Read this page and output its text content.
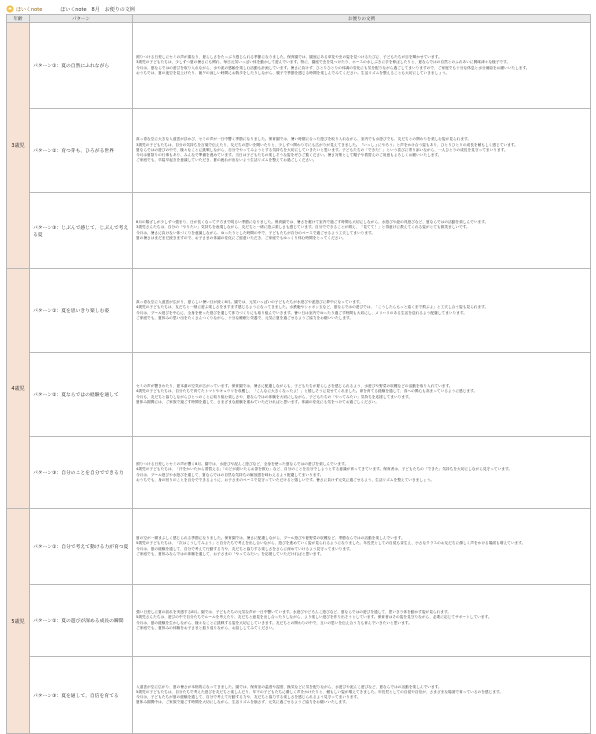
ほいくnote	ほいくnote　8月　お便りの文例
年齢	パターン	お便りの文例
3歳児	パターン①：夏の自然にふれながら	照りつける日差しにセミの声が重なり、夏らしさをたっぷり感じられる季節になりました。保育園では、園庭にある草花や虫の姿を見つけるたびに、子どもたちが目を輝かせています。
3歳児の子どもたちは、少しずつ夏の暑さにも慣れ、毎日元気いっぱい体を動かして遊んでいます。特に、園庭で虫を見つけたり、ホースの水しぶきに手を伸ばしたりと、夏ならではの自然とのふれあいに興味津々な様子です。
今月は、夏ならではの遊びを取り入れながら、水や泥の感触を楽しむ活動も計画しています。暑さに負けず、ひとりひとりの体調の変化にも気を配りながら過ごしてまいりますので、ご家庭でも十分な休息と水分補給をお願いいたします。
おうちでは、夏の夜空を見上げたり、朝夕の涼しい時間にお散歩をしたりしながら、親子で季節を感じる時間を楽しんでみてください。生活リズムを整えることも大切にしていきましょう。

	パターン②：育つ芽も、ひろがる世界	真っ青な空に大きな入道雲が浮かび、セミの声が一日中響く季節になりました。保育園では、暑い時期に合った遊びを取り入れながら、室内でも水遊びでも、友だちとの関わりを楽しむ姿が見られます。
3歳児の子どもたちは、自分の気持ちを言葉で伝えたり、友だちの思いを聞いたりと、少しずつ関わり方にも広がりが見えてきました。「いっしょにやろう」と声をかけ合う姿もあり、ひとりひとりの成長を頼もしく感じています。
夏ならではの遊びの中で、様々なことに挑戦しながら、自分でやってみようとする気持ちを大切にしていきたいと思います。子どもたちの「できた！」という喜びに寄り添いながら、一人ひとりの成長を見守ってまいります。
今月は夏祭りの行事もあり、みんなで準備を進めています。当日は子どもたちの楽しそうな姿をぜひご覧ください。暑さ対策として帽子や着替えのご用意もよろしくお願いいたします。
ご家庭でも、早寝早起きを意識していただき、夏の疲れが出ないよう生活リズムを整えてお過ごしください。

	パターン③：じぶんで感じて、じぶんで考える夏	8月の陽ざしが少しずつ強まり、日が長くなって夕方まで明るい季節になりました。保育園では、暑さを避けて室内で過ごす時間も大切にしながら、水遊びや絵の具遊びなど、夏ならではの活動を楽しんでいます。
3歳児さんたちは、自分の「やりたい」気持ちを表現しながら、友だちと一緒に遊ぶ楽しさも感じています。自分でできることが増え、「見てて！」と得意げに教えてくれる姿がとても微笑ましいです。
今月は、暑さに負けない体づくりを意識しながら、ゆったりとした時間の中で、子どもたちが自分のペースで過ごせるよう工夫してまいります。
夏の暑さはまだまだ続きますので、お子さまの体調の変化にご留意いただき、ご家庭でもゆっくり休む時間をとってください。

4歳児	パターン①：夏を思いきり楽しむ姿	真っ青な空に入道雲が広がり、夏らしい暑い日が続く8月。園では、元気いっぱいの子どもたちが水遊びや泥遊びに夢中になっています。
4歳児の子どもたちは、友だちと一緒に遊ぶ楽しさをますます感じるようになってきました。水鉄砲やシャボン玉など、夏ならではの遊びでは、「こうしたらもっと遠くまで飛ぶよ」と工夫し合う姿も見られます。
今月は、プール遊びを中心に、全身を使った遊びを通して体力づくりにも取り組んでいきます。暑い日は室内でゆったり過ごす時間も大切にし、メリハリのある生活を送れるよう配慮してまいります。
ご家庭でも、夏休みの思い出をたくさんつくりながら、十分な睡眠と栄養で、元気に夏を過ごせるようご協力をお願いいたします。

	パターン②：夏ならではの経験を通して	セミの声が響きわたり、夏本番の空気が広がっています。保育園では、暑さに配慮しながらも、子どもたちが夏らしさを感じられるよう、水遊びや野菜の収穫などの活動を取り入れています。
4歳児の子どもたちは、自分たちで育てたトマトやキュウリを収穫し、「こんなに大きくなったよ！」と嬉しそうに見せてくれました。命を育てる経験を通して、食への関心も高まっているように感じます。
今月も、友だちと協力しながらひとつのことに取り組む楽しさや、夏ならではの体験を大切にしながら、子どもたちの「やってみたい」気持ちを応援してまいります。
夏休み期間には、ご家族で過ごす時間を通して、さまざまな経験を重ねていただければと思います。体調の変化にも気をつけてお過ごしください。

	パターン③：自分のことを自分でできる力	照りつける日差しとセミの声が響く8月。園では、水遊びや泥んこ遊びなど、全身を使った夏ならではの遊びを楽しんでいます。
4歳児の子どもたちは、「汗をかいたから着替える」「のどが渇いたらお茶を飲む」など、自分のことを自分でしようとする意識が育ってきています。保育者は、子どもたちの「できた」気持ちを大切にしながら見守っています。
今月は、プール遊びや水遊びを通して、夏ならではの自然な気持ちの解放感を味わえるよう配慮してまいります。
おうちでも、身の回りのことを自分でできるように、お子さまのペースで見守っていただけると嬉しいです。暑さに負けず元気に過ごせるよう、生活リズムを整えていきましょう。

5歳児	パターン①：自分で考えて動ける力が育つ夏	夏の空が一層まぶしく感じられる季節になりました。保育園では、暑さに配慮しながら、プール遊びや夏野菜の収穫など、季節ならではの活動を楽しんでいます。
5歳児の子どもたちは、「次はこうしてみよう」と自分たちで考えを出し合いながら、遊びを進めていく姿が見られるようになりました。年長児としての自覚も芽生え、小さなクラスのお友だちに優しく声をかける場面も増えています。
今月は、夏の経験を通して、自分で考えて行動する力や、友だちと協力する楽しさをさらに深めていけるよう見守ってまいります。
ご家庭でも、夏休みならではの体験を通して、お子さまの「やってみたい」を応援していただければと思います。

	パターン②：夏の遊びが深める成長の瞬間	強い日差しに夏の訪れを実感する8月。園では、子どもたちの元気な声が一日中響いています。水遊びやどろんこ遊びなど、夏ならではの遊びを通して、思いきり体を動かす姿が見られます。
5歳児さんたちは、遊びの中で自分たちでルールを考えたり、友だちと意見を出し合ったりしながら、より楽しい遊びを作り出そうとしています。保育者はその姿を見守りながら、必要に応じてサポートしています。
今月は、夏の経験を生かしながら、様々なことに挑戦する姿を大切にしていきます。友だちとの関わりの中で、互いの思いを伝え合う力も育んでいきたいと思います。
ご家庭でも、夏休みの体験をお子さまと振り返りながら、お話ししてみてください。

	パターン③：夏を通して、自信を育てる	入道雲が空に広がり、夏の暑さが本格的になってきました。園では、保育室の温度や湿度、換気などに気を配りながら、水遊びや泥んこ遊びなど、夏ならではの活動を楽しんでいます。
5歳児の子どもたちは、自分たちで考えた遊びを友だちと楽しんだり、年下の子どもたちに優しく声をかけたりと、頼もしい姿が増えてきました。年長児としての自覚や自信が、さまざまな場面で育っているのを感じます。
今月は、子どもたちが夏の経験を通して、自分で考えて行動する力や、友だちと協力する楽しさを感じられるよう見守ってまいります。
夏休み期間中は、ご家族で過ごす時間を大切にしながら、生活リズムを崩さず、元気に過ごせるようご協力をお願いいたします。
